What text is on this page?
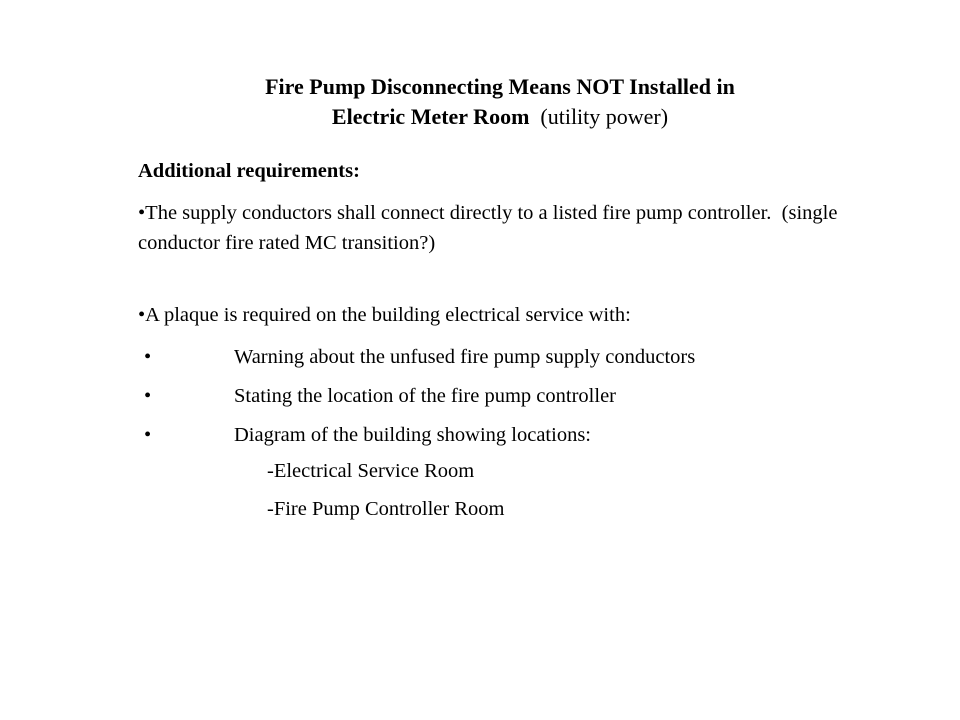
Fire Pump Disconnecting Means NOT Installed in
Electric Meter Room  (utility power)
Additional requirements:
•The supply conductors shall connect directly to a listed fire pump controller.  (single conductor fire rated MC transition?)
•A plaque is required on the building electrical service with:
•	Warning about the unfused fire pump supply conductors
•	Stating the location of the fire pump controller
•	Diagram of the building showing locations:
-Electrical Service Room
-Fire Pump Controller Room
